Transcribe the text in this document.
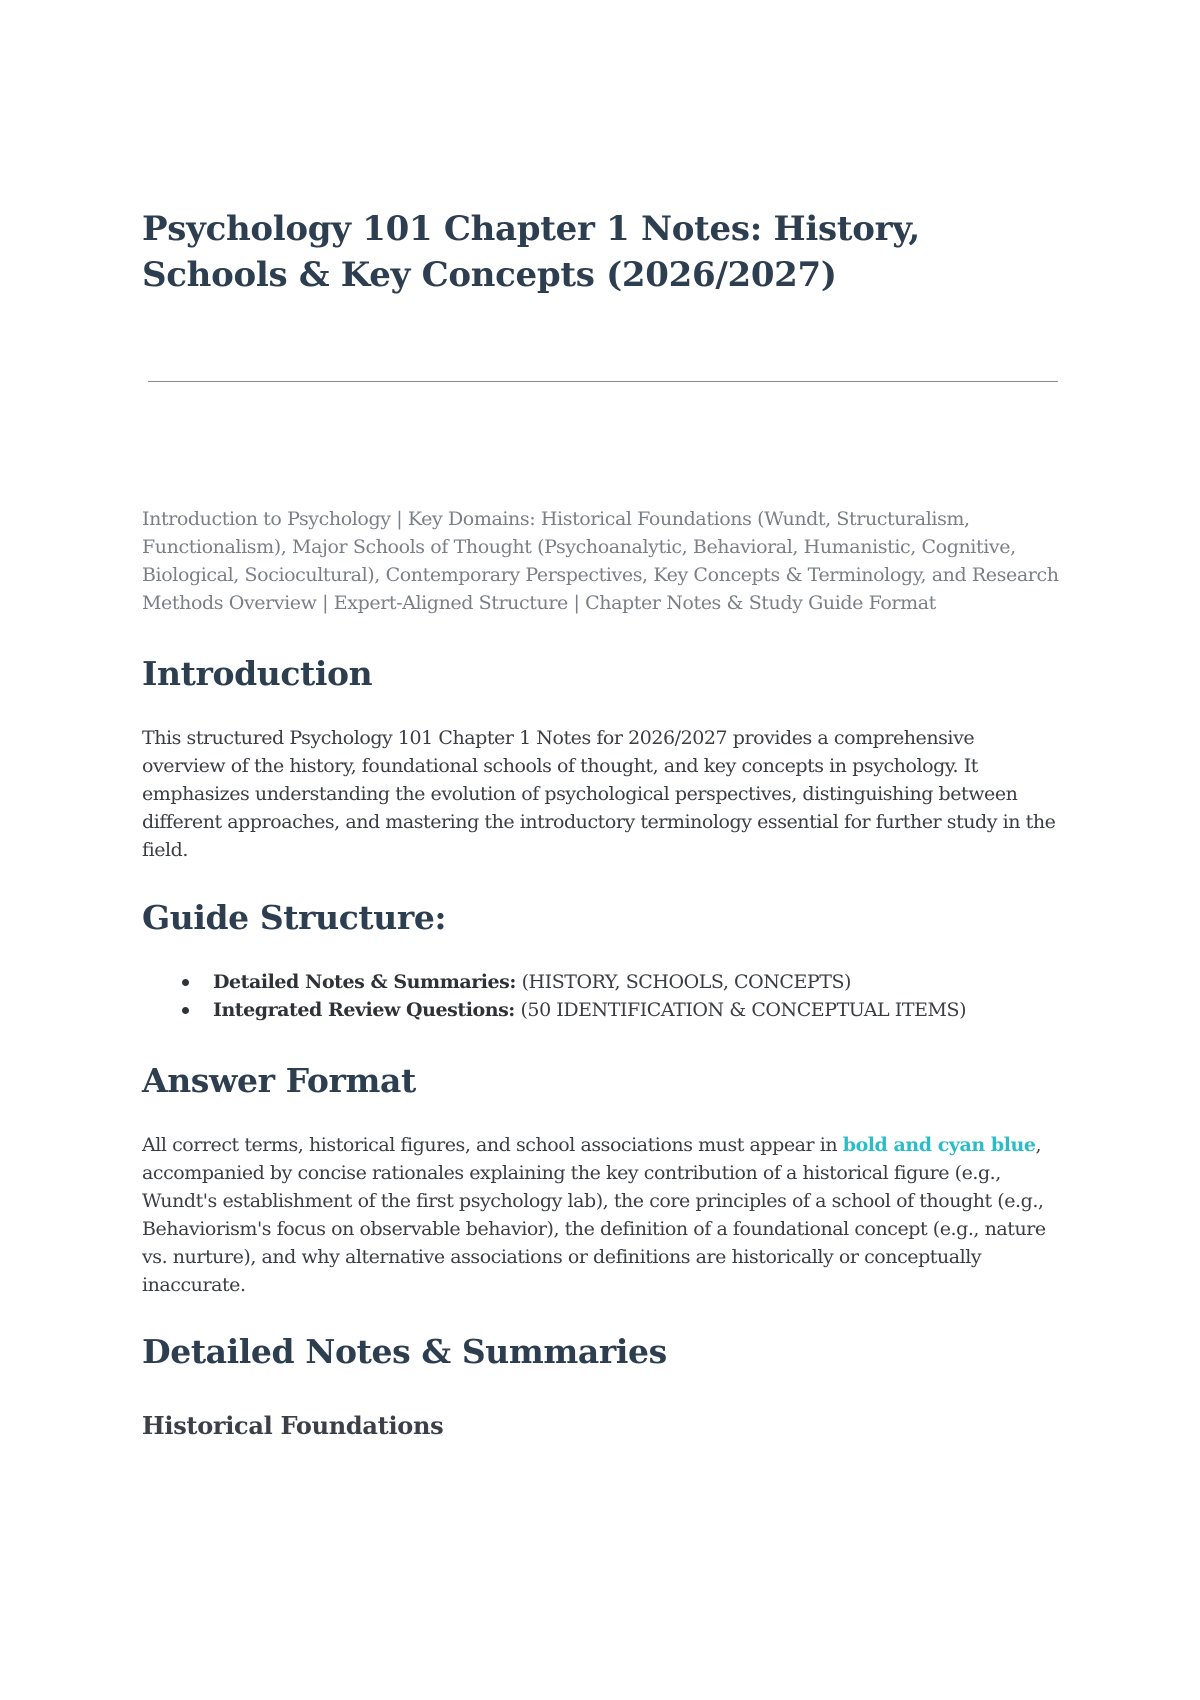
Psychology 101 Chapter 1 Notes: History, Schools & Key Concepts (2026/2027)

Introduction to Psychology | Key Domains: Historical Foundations (Wundt, Structuralism, Functionalism), Major Schools of Thought (Psychoanalytic, Behavioral, Humanistic, Cognitive, Biological, Sociocultural), Contemporary Perspectives, Key Concepts & Terminology, and Research Methods Overview | Expert-Aligned Structure | Chapter Notes & Study Guide Format

Introduction

This structured Psychology 101 Chapter 1 Notes for 2026/2027 provides a comprehensive overview of the history, foundational schools of thought, and key concepts in psychology. It emphasizes understanding the evolution of psychological perspectives, distinguishing between different approaches, and mastering the introductory terminology essential for further study in the field.

Guide Structure:
Detailed Notes & Summaries: (HISTORY, SCHOOLS, CONCEPTS)
Integrated Review Questions: (50 IDENTIFICATION & CONCEPTUAL ITEMS)
Answer Format

All correct terms, historical figures, and school associations must appear in bold and cyan blue, accompanied by concise rationales explaining the key contribution of a historical figure (e.g., Wundt's establishment of the first psychology lab), the core principles of a school of thought (e.g., Behaviorism's focus on observable behavior), the definition of a foundational concept (e.g., nature vs. nurture), and why alternative associations or definitions are historically or conceptually inaccurate.

Detailed Notes & Summaries
Historical Foundations
